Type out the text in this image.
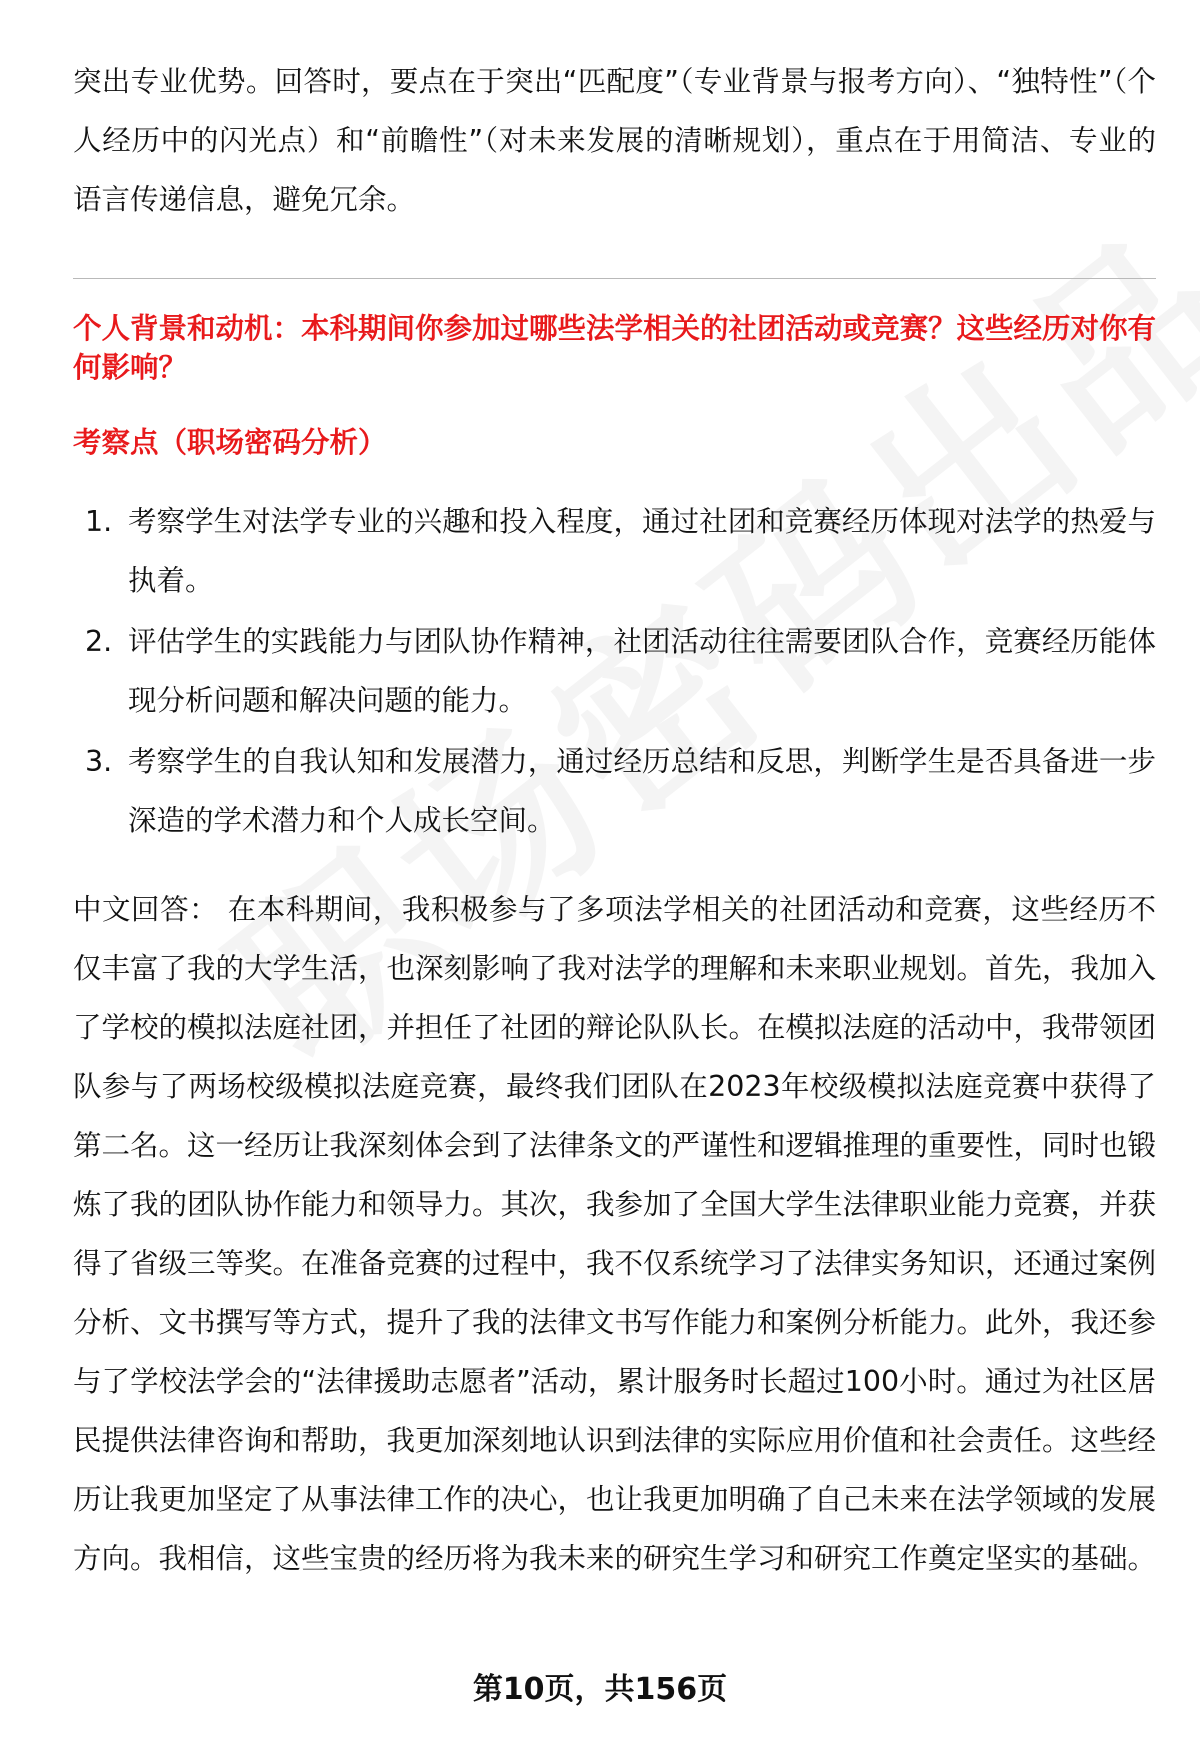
突出专业优势。回答时，要点在于突出“匹配度”（专业背景与报考方向）、“独特性”（个人经历中的闪光点）和“前瞻性”（对未来发展的清晰规划），重点在于用简洁、专业的语言传递信息，避免冗余。
个人背景和动机：本科期间你参加过哪些法学相关的社团活动或竞赛？这些经历对你有何影响？
考察点（职场密码分析）
1. 考察学生对法学专业的兴趣和投入程度，通过社团和竞赛经历体现对法学的热爱与执着。
2. 评估学生的实践能力与团队协作精神，社团活动往往需要团队合作，竞赛经历能体现分析问题和解决问题的能力。
3. 考察学生的自我认知和发展潜力，通过经历总结和反思，判断学生是否具备进一步深造的学术潜力和个人成长空间。
中文回答： 在本科期间，我积极参与了多项法学相关的社团活动和竞赛，这些经历不仅丰富了我的大学生活，也深刻影响了我对法学的理解和未来职业规划。首先，我加入了学校的模拟法庭社团，并担任了社团的辩论队队长。在模拟法庭的活动中，我带领团队参与了两场校级模拟法庭竞赛，最终我们团队在2023年校级模拟法庭竞赛中获得了第二名。这一经历让我深刻体会到了法律条文的严谨性和逻辑推理的重要性，同时也锻炼了我的团队协作能力和领导力。其次，我参加了全国大学生法律职业能力竞赛，并获得了省级三等奖。在准备竞赛的过程中，我不仅系统学习了法律实务知识，还通过案例分析、文书撰写等方式，提升了我的法律文书写作能力和案例分析能力。此外，我还参与了学校法学会的“法律援助志愿者”活动，累计服务时长超过100小时。通过为社区居民提供法律咨询和帮助，我更加深刻地认识到法律的实际应用价值和社会责任。这些经历让我更加坚定了从事法律工作的决心，也让我更加明确了自己未来在法学领域的发展方向。我相信，这些宝贵的经历将为我未来的研究生学习和研究工作奠定坚实的基础。
第10页，共156页
